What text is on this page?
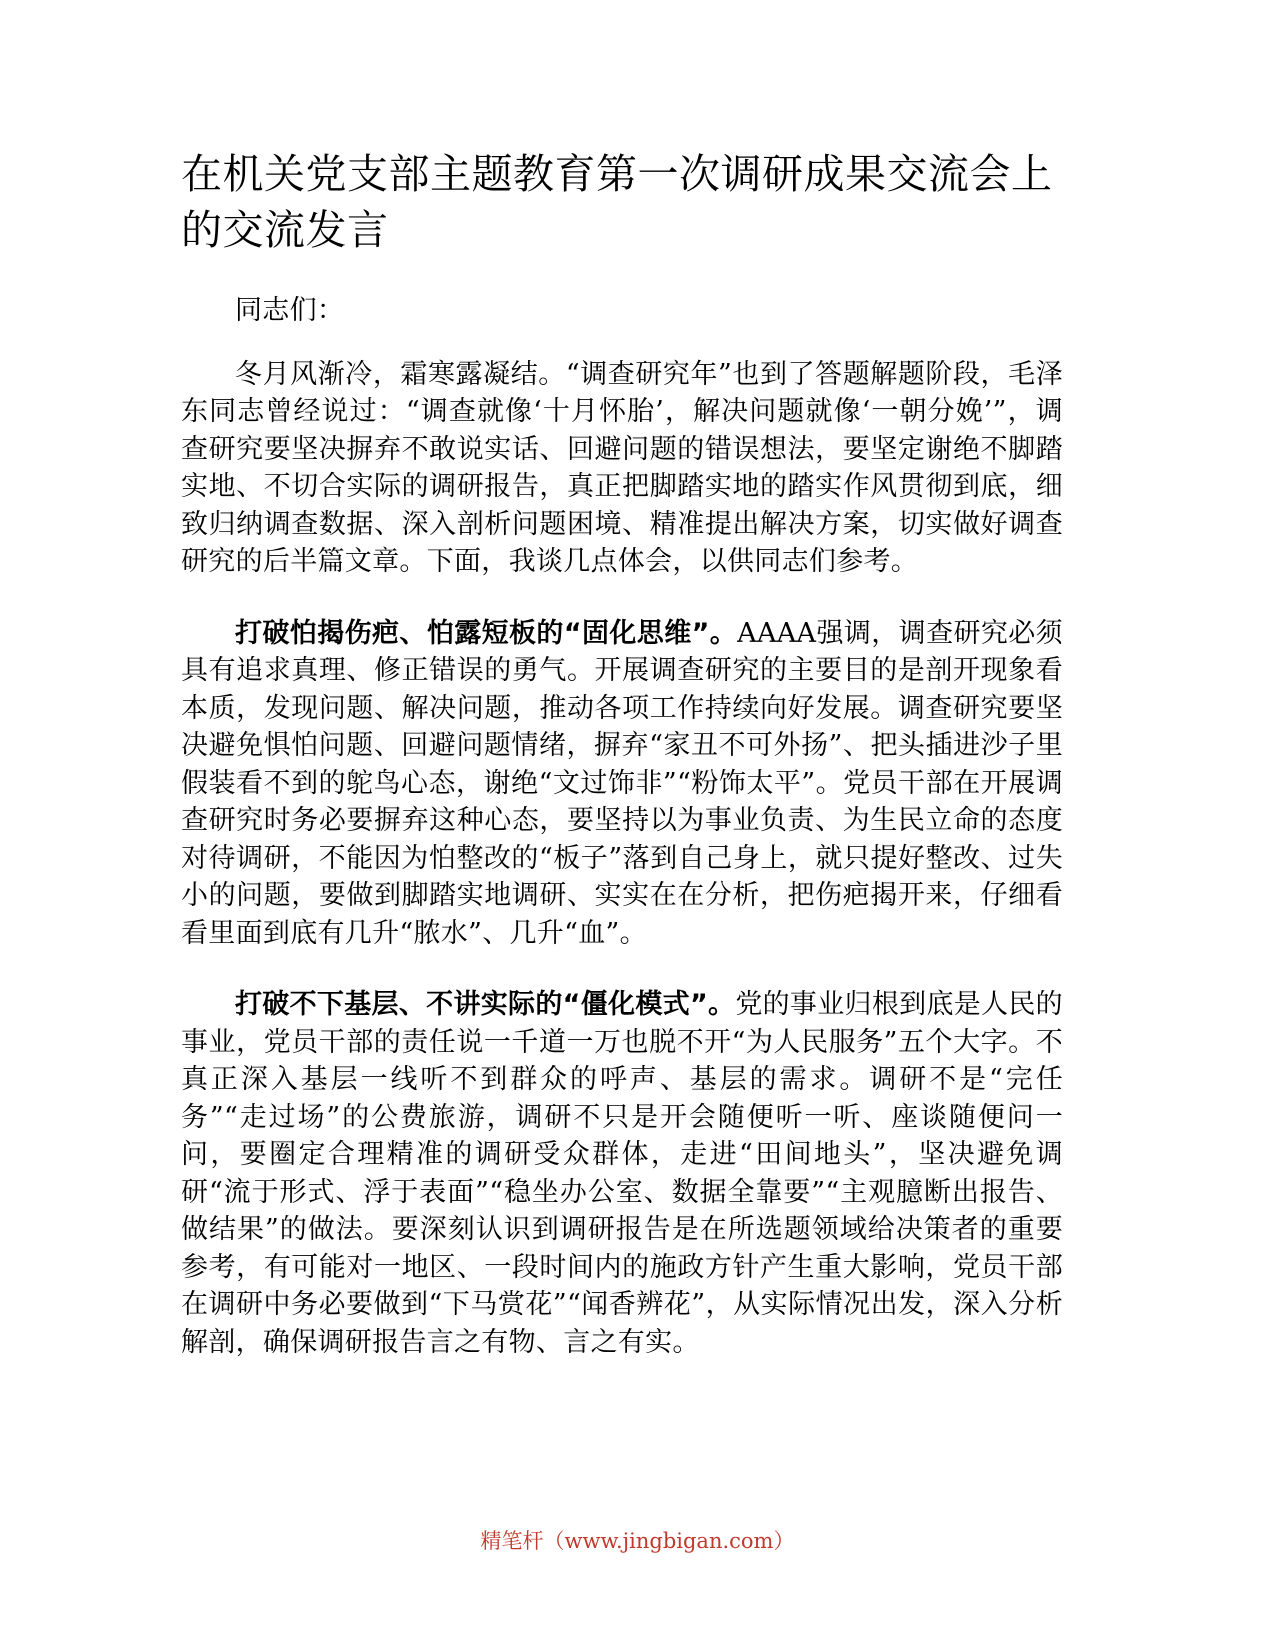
在机关党支部主题教育第一次调研成果交流会上的交流发言

同志们：

冬月风渐冷，霜寒露凝结。“调查研究年”也到了答题解题阶段，毛泽东同志曾经说过：“调查就像‘十月怀胎’，解决问题就像‘一朝分娩’”，调查研究要坚决摒弃不敢说实话、回避问题的错误想法，要坚定谢绝不脚踏实地、不切合实际的调研报告，真正把脚踏实地的踏实作风贯彻到底，细致归纳调查数据、深入剖析问题困境、精准提出解决方案，切实做好调查研究的后半篇文章。下面，我谈几点体会，以供同志们参考。

打破怕揭伤疤、怕露短板的“固化思维”。AAAA强调，调查研究必须具有追求真理、修正错误的勇气。开展调查研究的主要目的是剖开现象看本质，发现问题、解决问题，推动各项工作持续向好发展。调查研究要坚决避免惧怕问题、回避问题情绪，摒弃“家丑不可外扬”、把头插进沙子里假装看不到的鸵鸟心态，谢绝“文过饰非”“粉饰太平”。党员干部在开展调查研究时务必要摒弃这种心态，要坚持以为事业负责、为生民立命的态度对待调研，不能因为怕整改的“板子”落到自己身上，就只提好整改、过失小的问题，要做到脚踏实地调研、实实在在分析，把伤疤揭开来，仔细看看里面到底有几升“脓水”、几升“血”。

打破不下基层、不讲实际的“僵化模式”。党的事业归根到底是人民的事业，党员干部的责任说一千道一万也脱不开“为人民服务”五个大字。不真正深入基层一线听不到群众的呼声、基层的需求。调研不是“完任务”“走过场”的公费旅游，调研不只是开会随便听一听、座谈随便问一问，要圈定合理精准的调研受众群体，走进“田间地头”，坚决避免调研“流于形式、浮于表面”“稳坐办公室、数据全靠要”“主观臆断出报告、做结果”的做法。要深刻认识到调研报告是在所选题领域给决策者的重要参考，有可能对一地区、一段时间内的施政方针产生重大影响，党员干部在调研中务必要做到“下马赏花”“闻香辨花”，从实际情况出发，深入分析解剖，确保调研报告言之有物、言之有实。

精笔杆（www.jingbigan.com）
